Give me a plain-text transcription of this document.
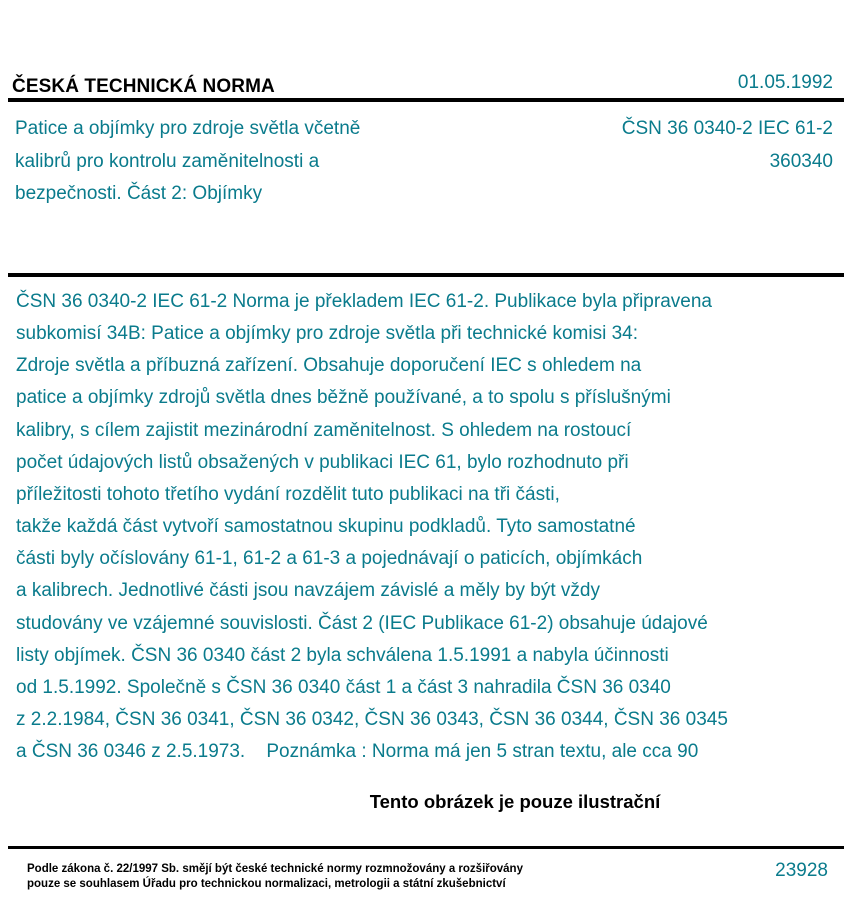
ČESKÁ TECHNICKÁ NORMA	01.05.1992
Patice a objímky pro zdroje světla včetně
kalibrů pro kontrolu zaměnitelnosti a
bezpečnosti. Část 2: Objímky
ČSN 36 0340-2 IEC 61-2
360340
ČSN 36 0340-2 IEC 61-2 Norma je překladem IEC 61-2. Publikace byla připravena
subkomisí 34B: Patice a objímky pro zdroje světla při technické komisi 34:
Zdroje světla a příbuzná zařízení. Obsahuje doporučení IEC s ohledem na
patice a objímky zdrojů světla dnes běžně používané, a to spolu s příslušnými
kalibry, s cílem zajistit mezinárodní zaměnitelnost. S ohledem na rostoucí
počet údajových listů obsažených v publikaci IEC 61, bylo rozhodnuto při
příležitosti tohoto třetího vydání rozdělit tuto publikaci na tři části,
takže každá část vytvoří samostatnou skupinu podkladů. Tyto samostatné
části byly očíslovány 61-1, 61-2 a 61-3 a pojednávají o paticích, objímkách
a kalibrech. Jednotlivé části jsou navzájem závislé a měly by být vždy
studovány ve vzájemné souvislosti. Část 2 (IEC Publikace 61-2) obsahuje údajové
listy objímek. ČSN 36 0340 část 2 byla schválena 1.5.1991 a nabyla účinnosti
od 1.5.1992. Společně s ČSN 36 0340 část 1 a část 3 nahradila ČSN 36 0340
z 2.2.1984, ČSN 36 0341, ČSN 36 0342, ČSN 36 0343, ČSN 36 0344, ČSN 36 0345
a ČSN 36 0346 z 2.5.1973.    Poznámka : Norma má jen 5 stran textu, ale cca 90
Tento obrázek je pouze ilustrační
Podle zákona č. 22/1997 Sb. smějí být české technické normy rozmnožovány a rozšiřovány
pouze se souhlasem Úřadu pro technickou normalizaci, metrologii a státní zkušebnictví
23928
